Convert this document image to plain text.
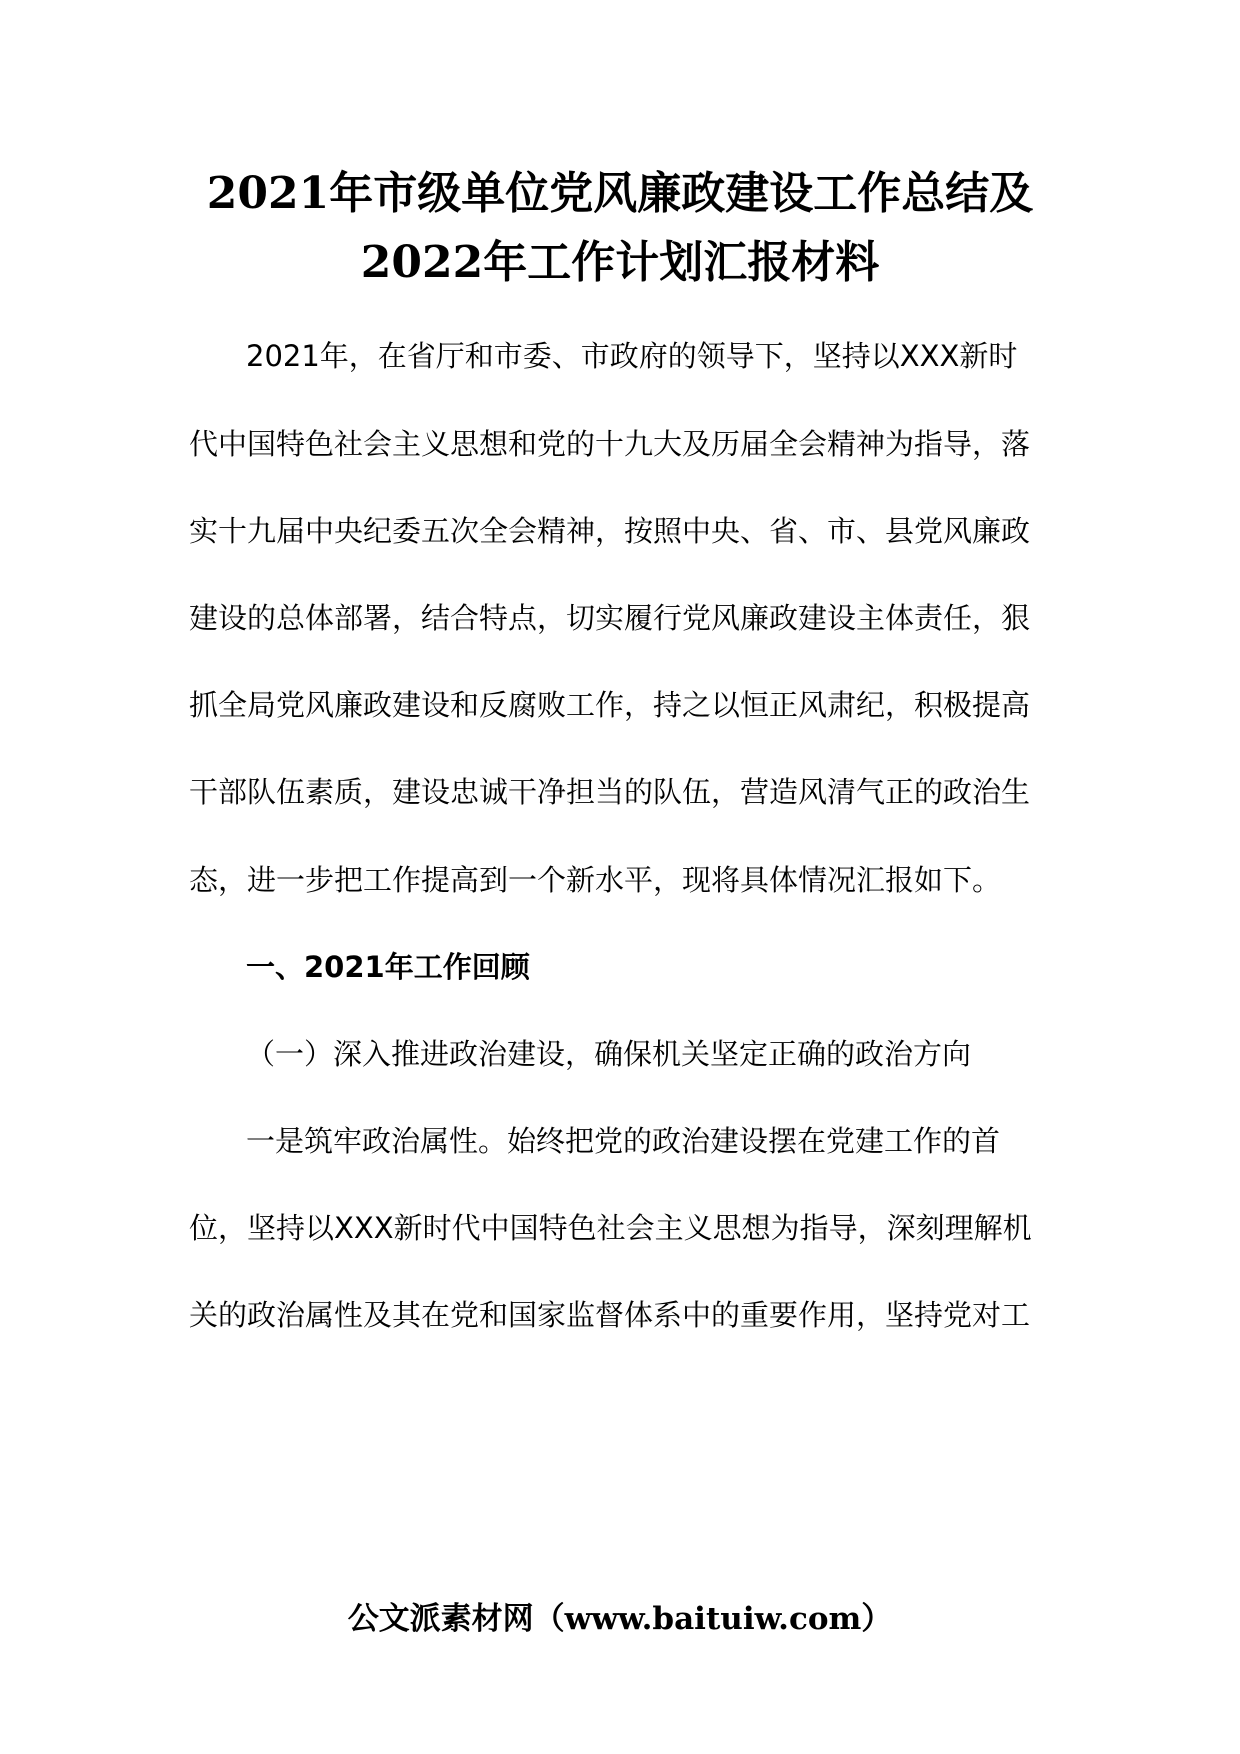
2021年市级单位党风廉政建设工作总结及
2022年工作计划汇报材料
2021年，在省厅和市委、市政府的领导下，坚持以XXX新时
代中国特色社会主义思想和党的十九大及历届全会精神为指导，落
实十九届中央纪委五次全会精神，按照中央、省、市、县党风廉政
建设的总体部署，结合特点，切实履行党风廉政建设主体责任，狠
抓全局党风廉政建设和反腐败工作，持之以恒正风肃纪，积极提高
干部队伍素质，建设忠诚干净担当的队伍，营造风清气正的政治生
态，进一步把工作提高到一个新水平，现将具体情况汇报如下。
一、2021年工作回顾
（一）深入推进政治建设，确保机关坚定正确的政治方向
一是筑牢政治属性。始终把党的政治建设摆在党建工作的首
位，坚持以XXX新时代中国特色社会主义思想为指导，深刻理解机
关的政治属性及其在党和国家监督体系中的重要作用，坚持党对工
公文派素材网（www.baituiw.com）
